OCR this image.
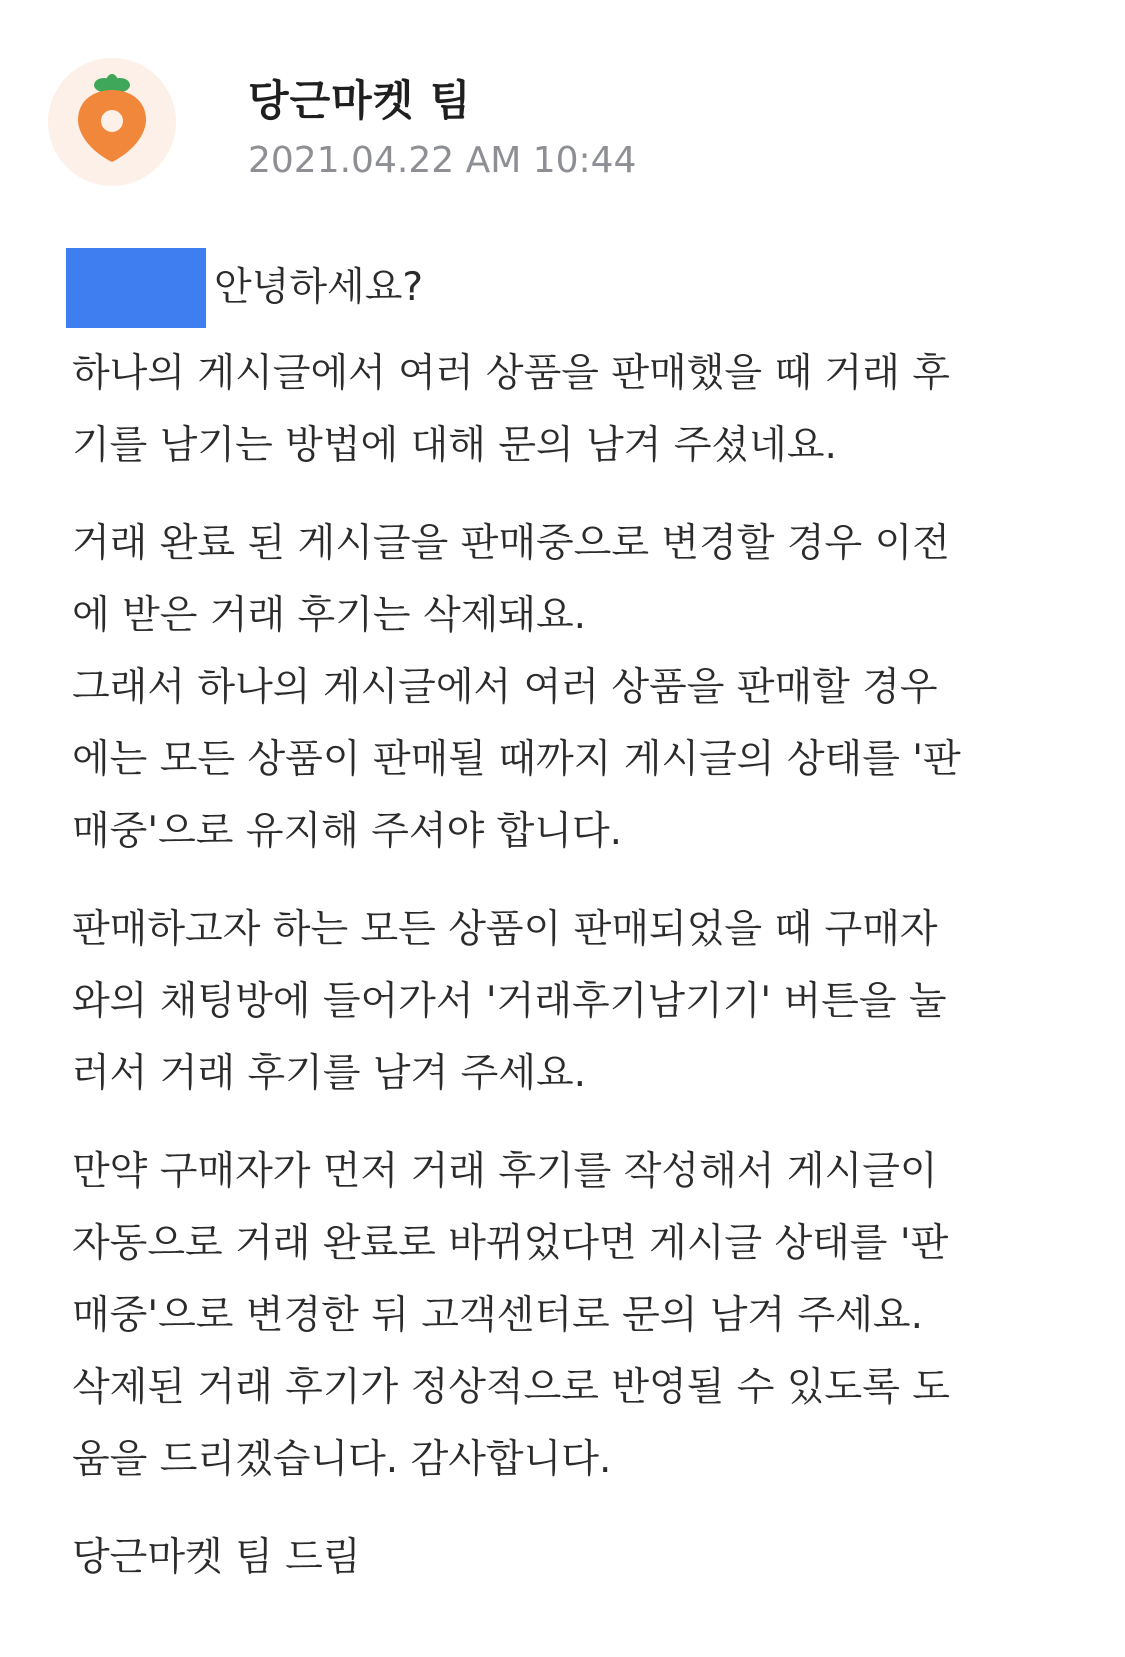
당근마켓 팀
2021.04.22 AM 10:44
안녕하세요?

하나의 게시글에서 여러 상품을 판매했을 때 거래 후
기를 남기는 방법에 대해 문의 남겨 주셨네요.

거래 완료 된 게시글을 판매중으로 변경할 경우 이전
에 받은 거래 후기는 삭제돼요.
그래서 하나의 게시글에서 여러 상품을 판매할 경우
에는 모든 상품이 판매될 때까지 게시글의 상태를 '판
매중'으로 유지해 주셔야 합니다.

판매하고자 하는 모든 상품이 판매되었을 때 구매자
와의 채팅방에 들어가서 '거래후기남기기' 버튼을 눌
러서 거래 후기를 남겨 주세요.

만약 구매자가 먼저 거래 후기를 작성해서 게시글이
자동으로 거래 완료로 바뀌었다면 게시글 상태를 '판
매중'으로 변경한 뒤 고객센터로 문의 남겨 주세요.
삭제된 거래 후기가 정상적으로 반영될 수 있도록 도
움을 드리겠습니다. 감사합니다.

당근마켓 팀 드림
